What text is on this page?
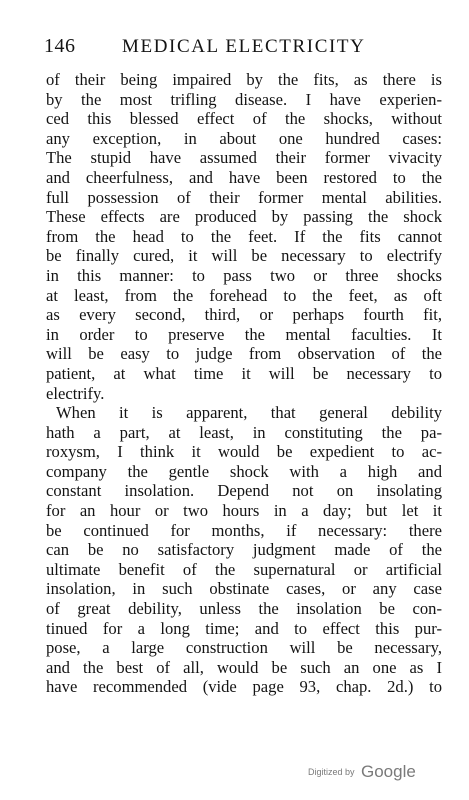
146 MEDICAL ELECTRICITY
of their being impaired by the fits, as there is
by the most trifling disease. I have experien-
ced this blessed effect of the shocks, without
any exception, in about one hundred cases:
The stupid have assumed their former vivacity
and cheerfulness, and have been restored to the
full possession of their former mental abilities.
These effects are produced by passing the shock
from the head to the feet. If the fits cannot
be finally cured, it will be necessary to electrify
in this manner: to pass two or three shocks
at least, from the forehead to the feet, as oft
as every second, third, or perhaps fourth fit,
in order to preserve the mental faculties. It
will be easy to judge from observation of the
patient, at what time it will be necessary to
electrify.
When it is apparent, that general debility
hath a part, at least, in constituting the pa-
roxysm, I think it would be expedient to ac-
company the gentle shock with a high and
constant insolation. Depend not on insolating
for an hour or two hours in a day; but let it
be continued for months, if necessary: there
can be no satisfactory judgment made of the
ultimate benefit of the supernatural or artificial
insolation, in such obstinate cases, or any case
of great debility, unless the insolation be con-
tinued for a long time; and to effect this pur-
pose, a large construction will be necessary,
and the best of all, would be such an one as I
have recommended (vide page 93, chap. 2d.) to
Digitized by Google
